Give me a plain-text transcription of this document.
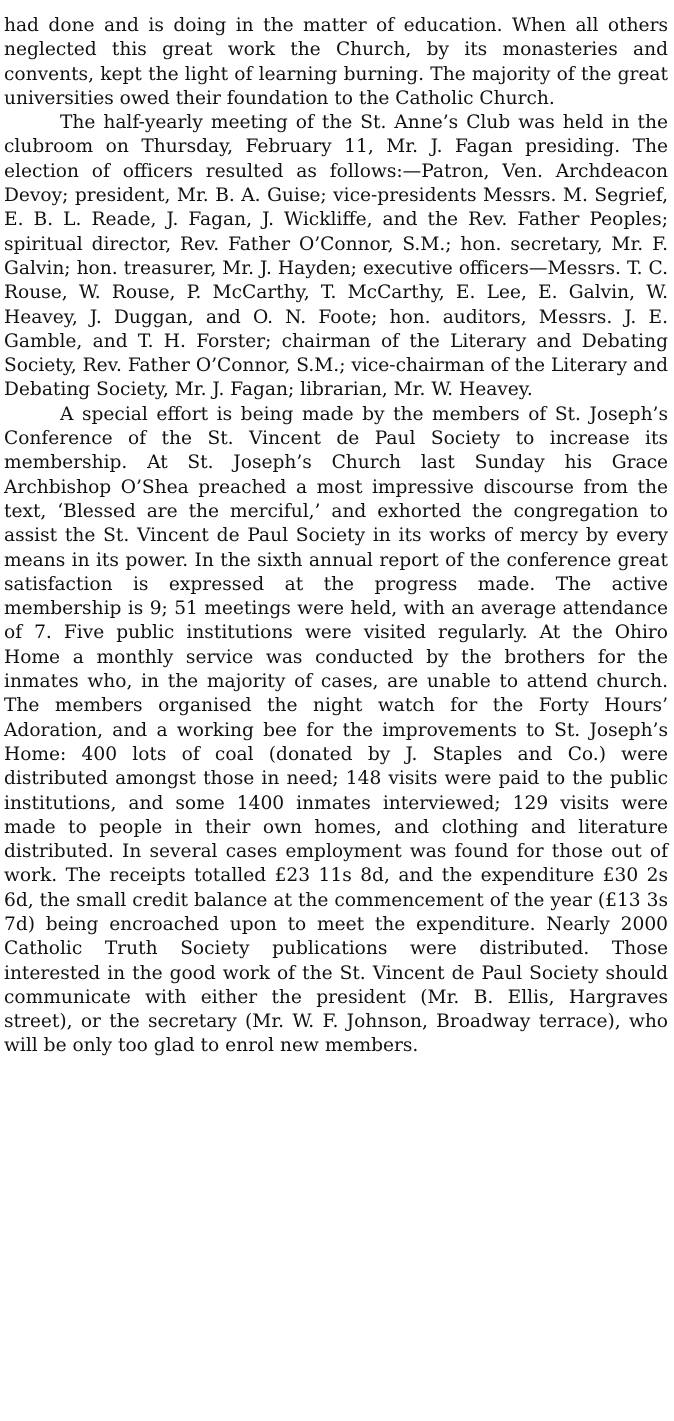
had done and is doing in the matter of education. When all others neglected this great work the Church, by its monasteries and convents, kept the light of learning burning. The majority of the great universities owed their foundation to the Catholic Church.

The half-yearly meeting of the St. Anne’s Club was held in the clubroom on Thursday, February 11, Mr. J. Fagan presiding. The election of officers resulted as follows:—Patron, Ven. Archdeacon Devoy; president, Mr. B. A. Guise; vice-presidents Messrs. M. Segrief, E. B. L. Reade, J. Fagan, J. Wickliffe, and the Rev. Father Peoples; spiritual director, Rev. Father O’Connor, S.M.; hon. secretary, Mr. F. Galvin; hon. treasurer, Mr. J. Hayden; executive officers—Messrs. T. C. Rouse, W. Rouse, P. McCarthy, T. McCarthy, E. Lee, E. Galvin, W. Heavey, J. Duggan, and O. N. Foote; hon. auditors, Messrs. J. E. Gamble, and T. H. Forster; chairman of the Literary and Debating Society, Rev. Father O’Connor, S.M.; vice-chairman of the Literary and Debating Society, Mr. J. Fagan; librarian, Mr. W. Heavey.

A special effort is being made by the members of St. Joseph’s Conference of the St. Vincent de Paul Society to increase its membership. At St. Joseph’s Church last Sunday his Grace Archbishop O’Shea preached a most impressive discourse from the text, ‘Blessed are the merciful,’ and exhorted the congregation to assist the St. Vincent de Paul Society in its works of mercy by every means in its power. In the sixth annual report of the conference great satisfaction is expressed at the progress made. The active membership is 9; 51 meetings were held, with an average attendance of 7. Five public institutions were visited regularly. At the Ohiro Home a monthly service was conducted by the brothers for the inmates who, in the majority of cases, are unable to attend church. The members organised the night watch for the Forty Hours’ Adoration, and a working bee for the improvements to St. Joseph’s Home: 400 lots of coal (donated by J. Staples and Co.) were distributed amongst those in need; 148 visits were paid to the public institutions, and some 1400 inmates interviewed; 129 visits were made to people in their own homes, and clothing and literature distributed. In several cases employment was found for those out of work. The receipts totalled £23 11s 8d, and the expenditure £30 2s 6d, the small credit balance at the commencement of the year (£13 3s 7d) being encroached upon to meet the expenditure. Nearly 2000 Catholic Truth Society publications were distributed. Those interested in the good work of the St. Vincent de Paul Society should communicate with either the president (Mr. B. Ellis, Hargraves street), or the secretary (Mr. W. F. Johnson, Broadway terrace), who will be only too glad to enrol new members.
